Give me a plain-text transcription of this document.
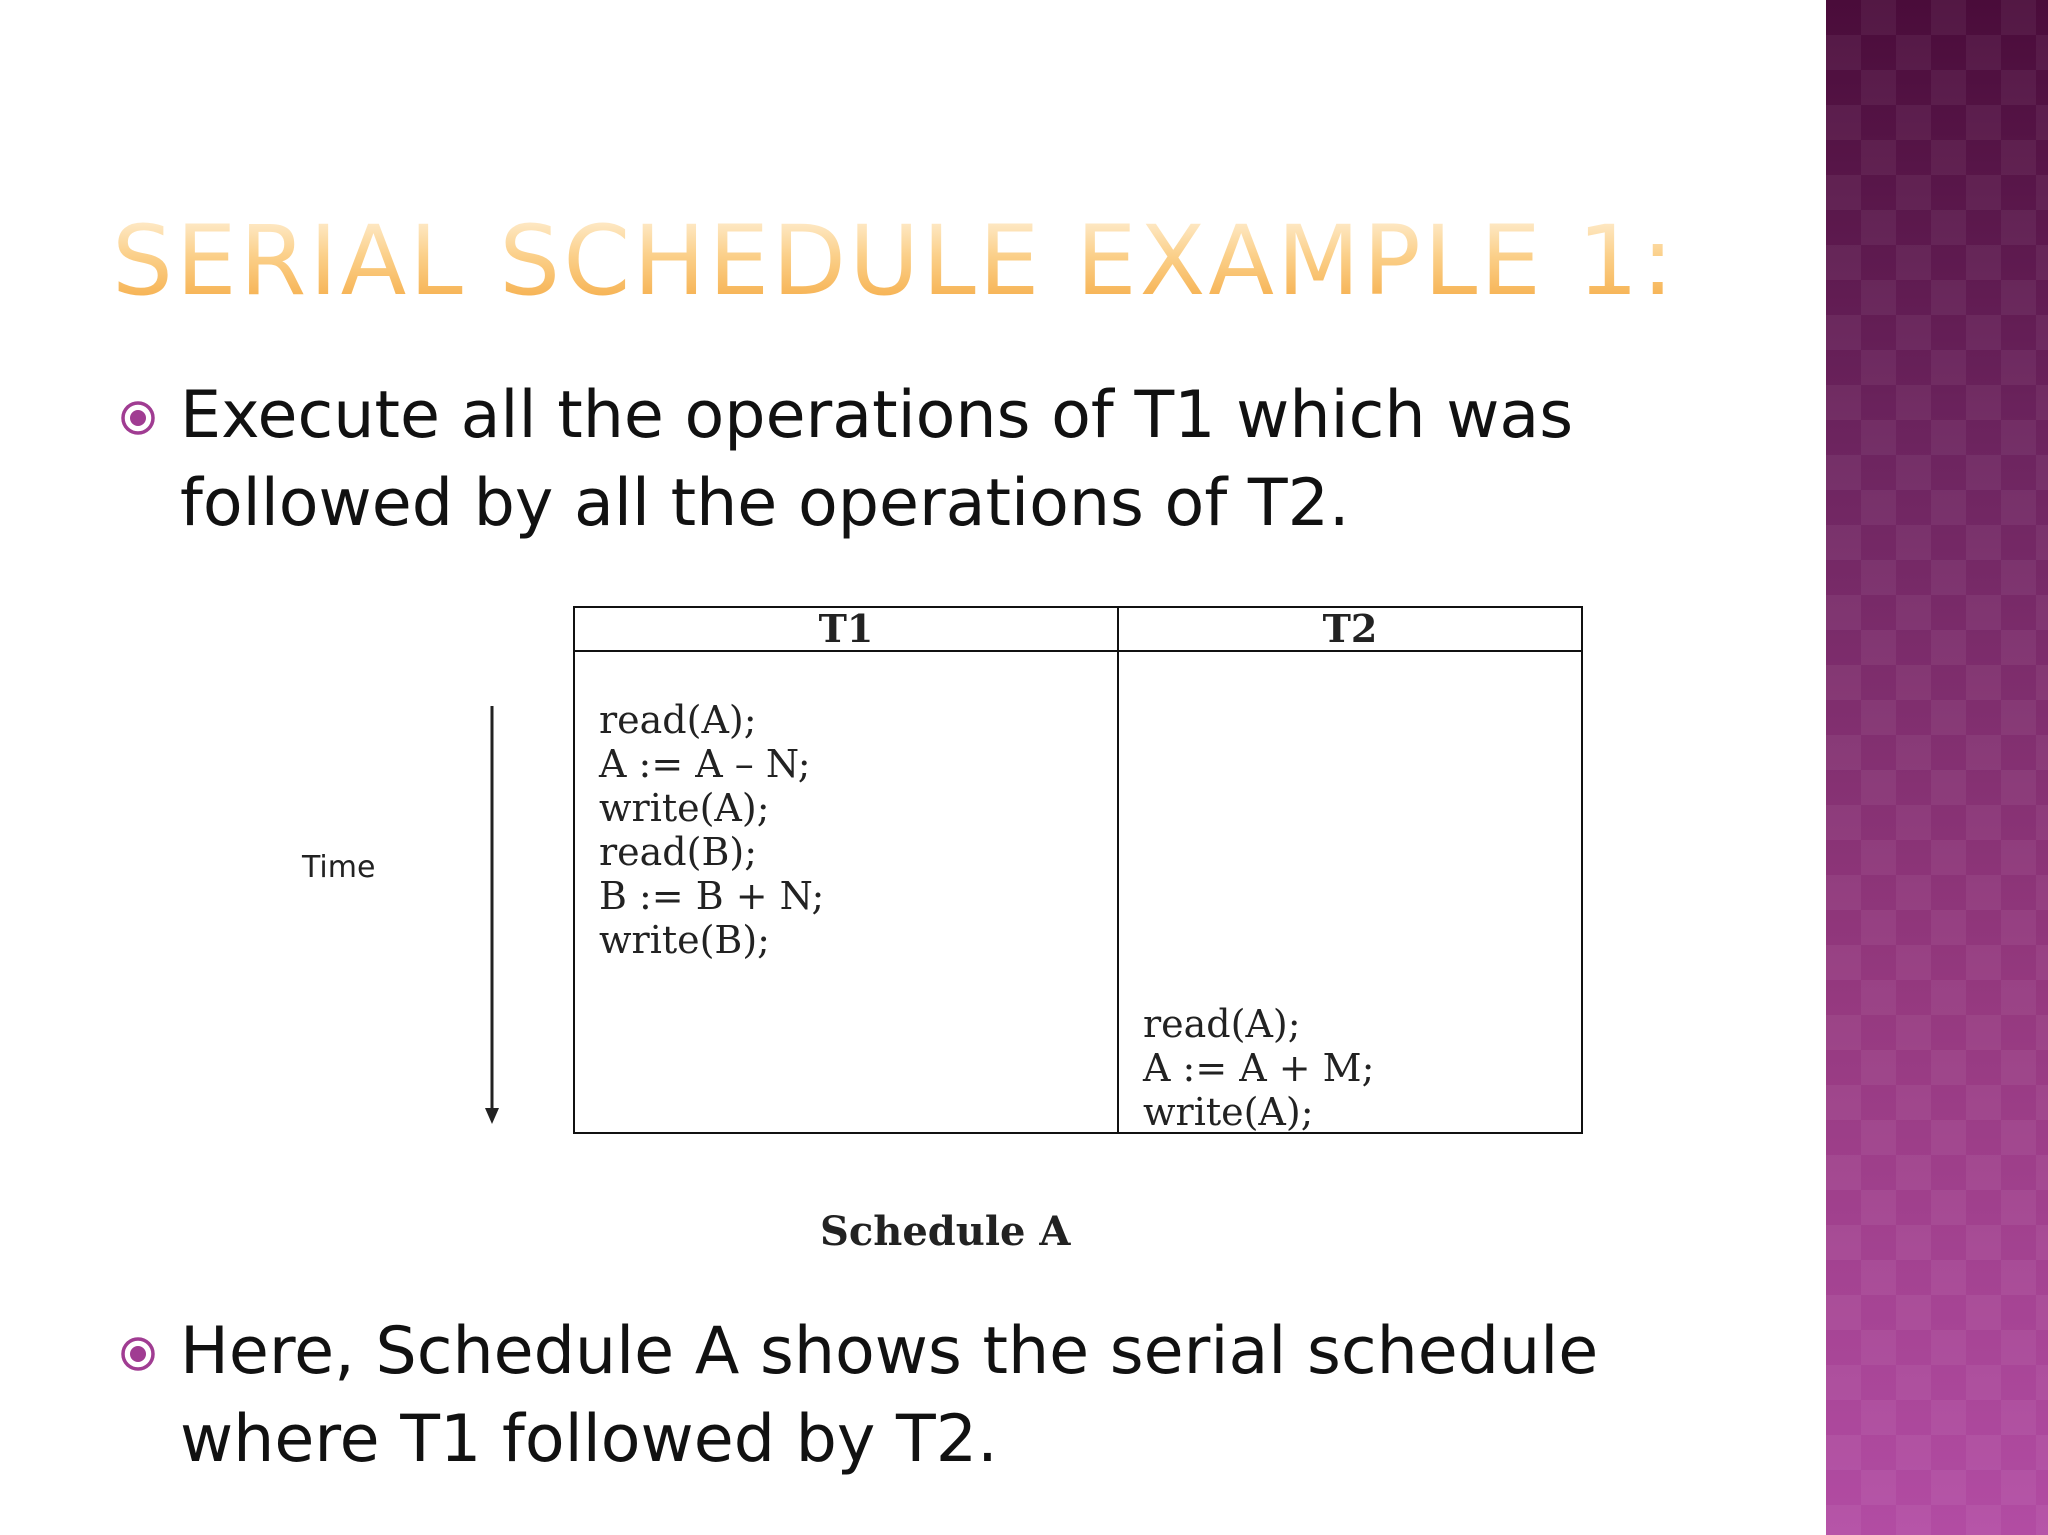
SERIAL SCHEDULE EXAMPLE 1:
Execute all the operations of T1 which was followed by all the operations of T2.
Time
T1
read(A);
A := A – N;
write(A);
read(B);
B := B + N;
write(B);
T2
read(A);
A := A + M;
write(A);
Schedule A
Here, Schedule A shows the serial schedule where T1 followed by T2.
